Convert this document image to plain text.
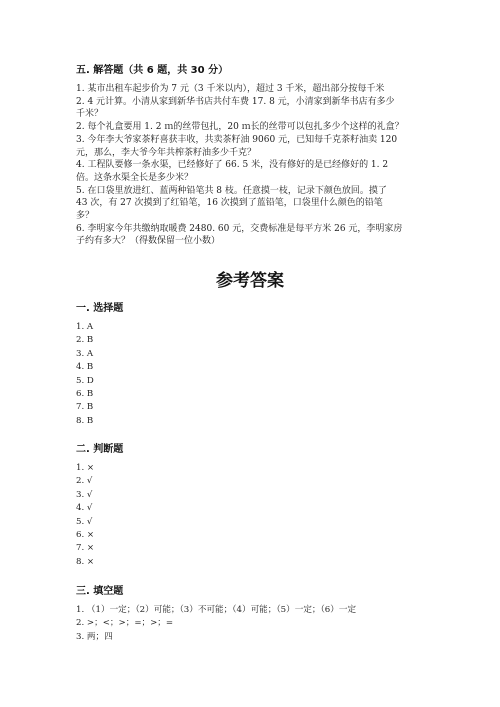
五. 解答题（共 6 题，共 30 分）
1. 某市出租车起步价为 7 元（3 千米以内），超过 3 千米，超出部分按每千米
2. 4 元计算。小清从家到新华书店共付车费 17. 8 元，小清家到新华书店有多少
千米？
2. 每个礼盒要用 1. 2 ｍ的丝带包扎，20 ｍ长的丝带可以包扎多少个这样的礼盒？
3. 今年李大爷家茶籽喜获丰收，共卖茶籽油 9060 元，已知每千克茶籽油卖 120
元，那么，李大爷今年共榨茶籽油多少千克？
4. 工程队要修一条水渠，已经修好了 66. 5 米，没有修好的是已经修好的 1. 2
倍。这条水渠全长是多少米？
5. 在口袋里放进红、蓝两种铅笔共 8 枝。任意摸一枝，记录下颜色放回。摸了
43 次，有 27 次摸到了红铅笔，16 次摸到了蓝铅笔，口袋里什么颜色的铅笔
多？
6. 李明家今年共缴纳取暖费 2480. 60 元，交费标准是每平方米 26 元，李明家房
子约有多大？（得数保留一位小数）
参考答案
一. 选择题
1. A
2. B
3. A
4. B
5. D
6. B
7. B
8. B
二. 判断题
1. ×
2. √
3. √
4. √
5. √
6. ×
7. ×
8. ×
三. 填空题
1. （1）一定；（2）可能；（3）不可能；（4）可能；（5）一定；（6）一定
2. >；<；>；=；>；=
3. 两；四
